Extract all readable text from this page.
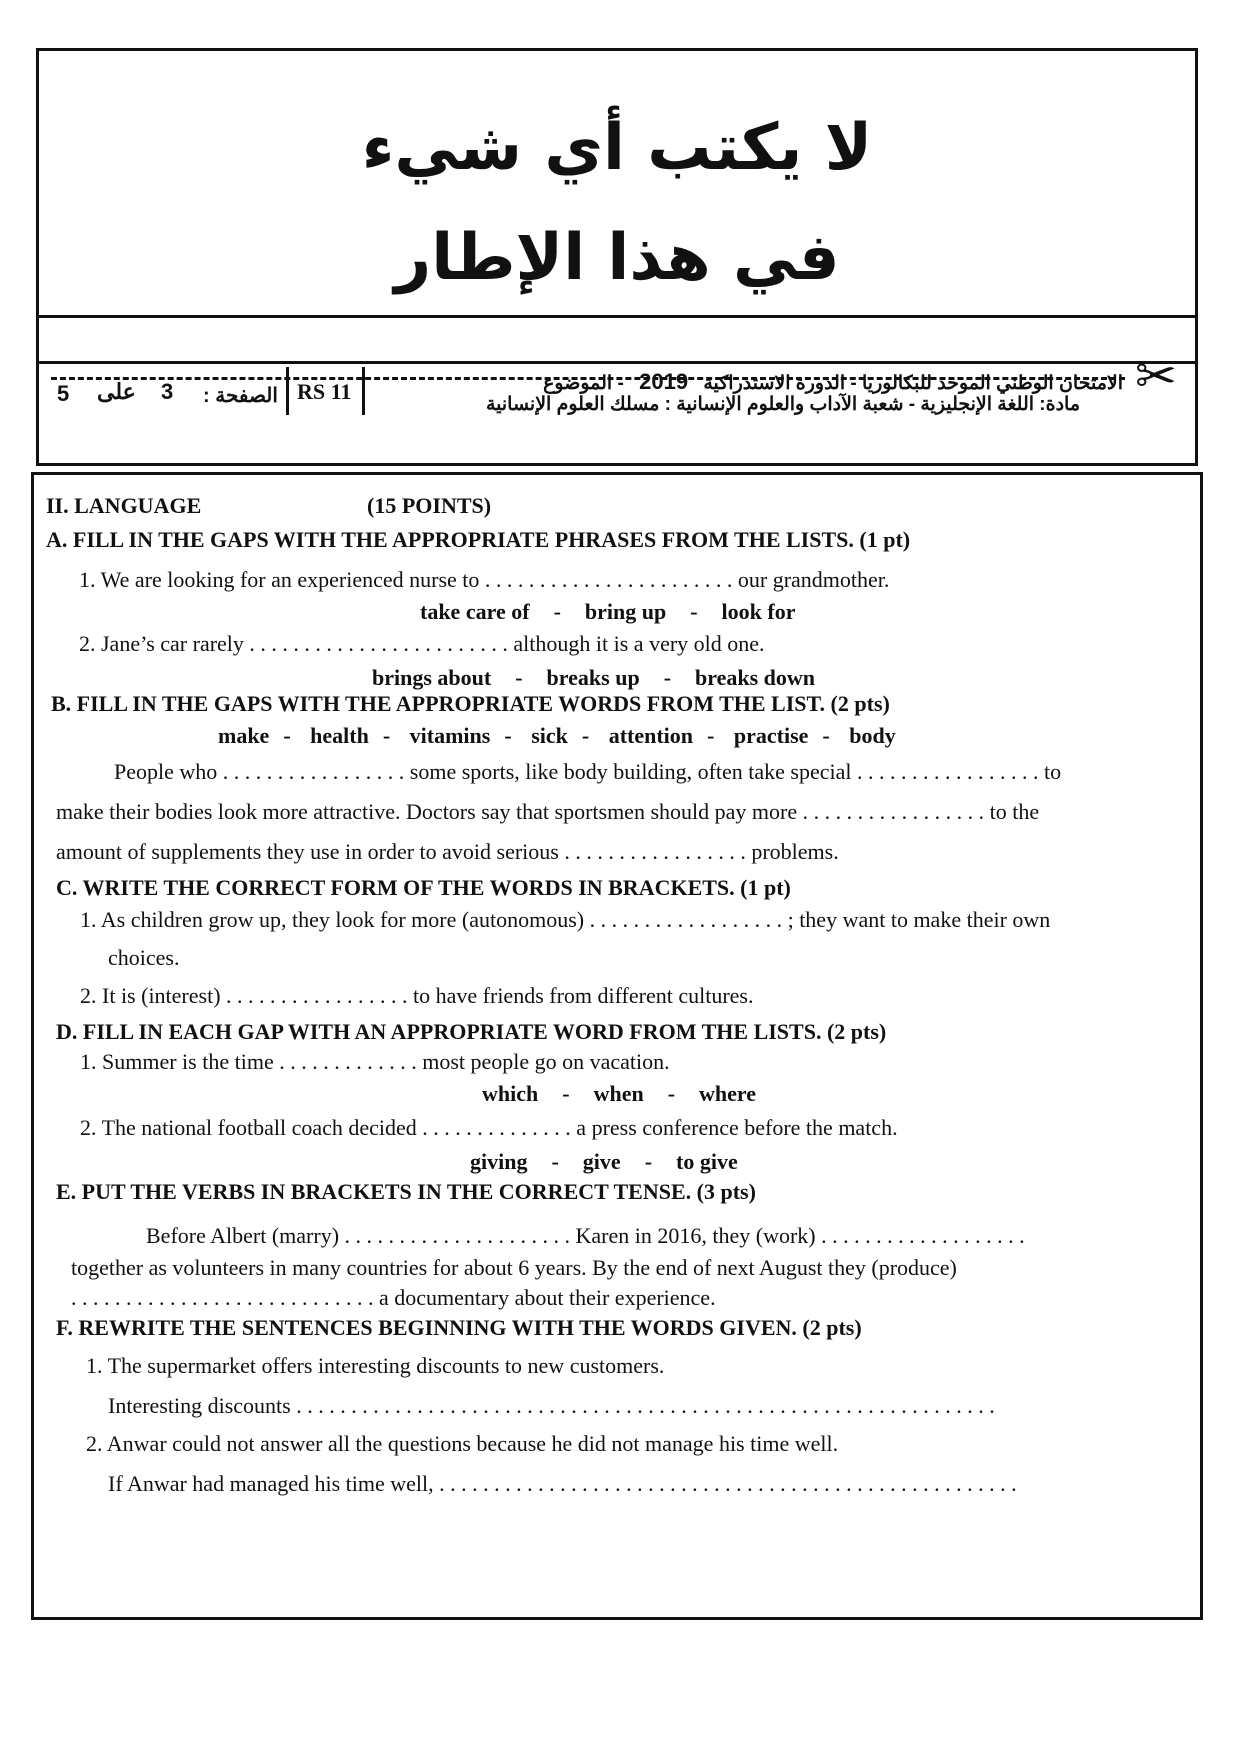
لا يكتب أي شيء
في هذا الإطار
✂
5 على 3 الصفحة : RS 11	الامتحان الوطني الموحد للبكالوريا - الدورة الاستدراكية 2019 - الموضوع
مادة: اللغة الإنجليزية - شعبة الآداب والعلوم الإنسانية : مسلك العلوم الإنسانية
II. LANGUAGE	(15 POINTS)
A. FILL IN THE GAPS WITH THE APPROPRIATE PHRASES FROM THE LISTS. (1 pt)
1. We are looking for an experienced nurse to . . . . . . . . . . . . . . . . . . . . . . . our grandmother.
take care of - bring up - look for
2. Jane’s car rarely . . . . . . . . . . . . . . . . . . . . . . . . although it is a very old one.
brings about - breaks up - breaks down
B. FILL IN THE GAPS WITH THE APPROPRIATE WORDS FROM THE LIST. (2 pts)
make - health - vitamins - sick - attention - practise - body
People who . . . . . . . . . . . . . . . . . some sports, like body building, often take special . . . . . . . . . . . . . . . . . to
make their bodies look more attractive. Doctors say that sportsmen should pay more . . . . . . . . . . . . . . . . . to the
amount of supplements they use in order to avoid serious . . . . . . . . . . . . . . . . . problems.
C. WRITE THE CORRECT FORM OF THE WORDS IN BRACKETS. (1 pt)
1. As children grow up, they look for more (autonomous) . . . . . . . . . . . . . . . . . . ; they want to make their own
choices.
2. It is (interest) . . . . . . . . . . . . . . . . . to have friends from different cultures.
D. FILL IN EACH GAP WITH AN APPROPRIATE WORD FROM THE LISTS. (2 pts)
1. Summer is the time . . . . . . . . . . . . . most people go on vacation.
which - when - where
2. The national football coach decided . . . . . . . . . . . . . . a press conference before the match.
giving - give - to give
E. PUT THE VERBS IN BRACKETS IN THE CORRECT TENSE. (3 pts)
Before Albert (marry) . . . . . . . . . . . . . . . . . . . . . Karen in 2016, they (work) . . . . . . . . . . . . . . . . . . .
together as volunteers in many countries for about 6 years. By the end of next August they (produce)
. . . . . . . . . . . . . . . . . . . . . . . . . . . . a documentary about their experience.
F. REWRITE THE SENTENCES BEGINNING WITH THE WORDS GIVEN. (2 pts)
1. The supermarket offers interesting discounts to new customers.
Interesting discounts . . . . . . . . . . . . . . . . . . . . . . . . . . . . . . . . . . . . . . . . . . . . . . . . . . . . . . . . . . . . . . . .
2. Anwar could not answer all the questions because he did not manage his time well.
If Anwar had managed his time well, . . . . . . . . . . . . . . . . . . . . . . . . . . . . . . . . . . . . . . . . . . . . . . . . . . . . .
